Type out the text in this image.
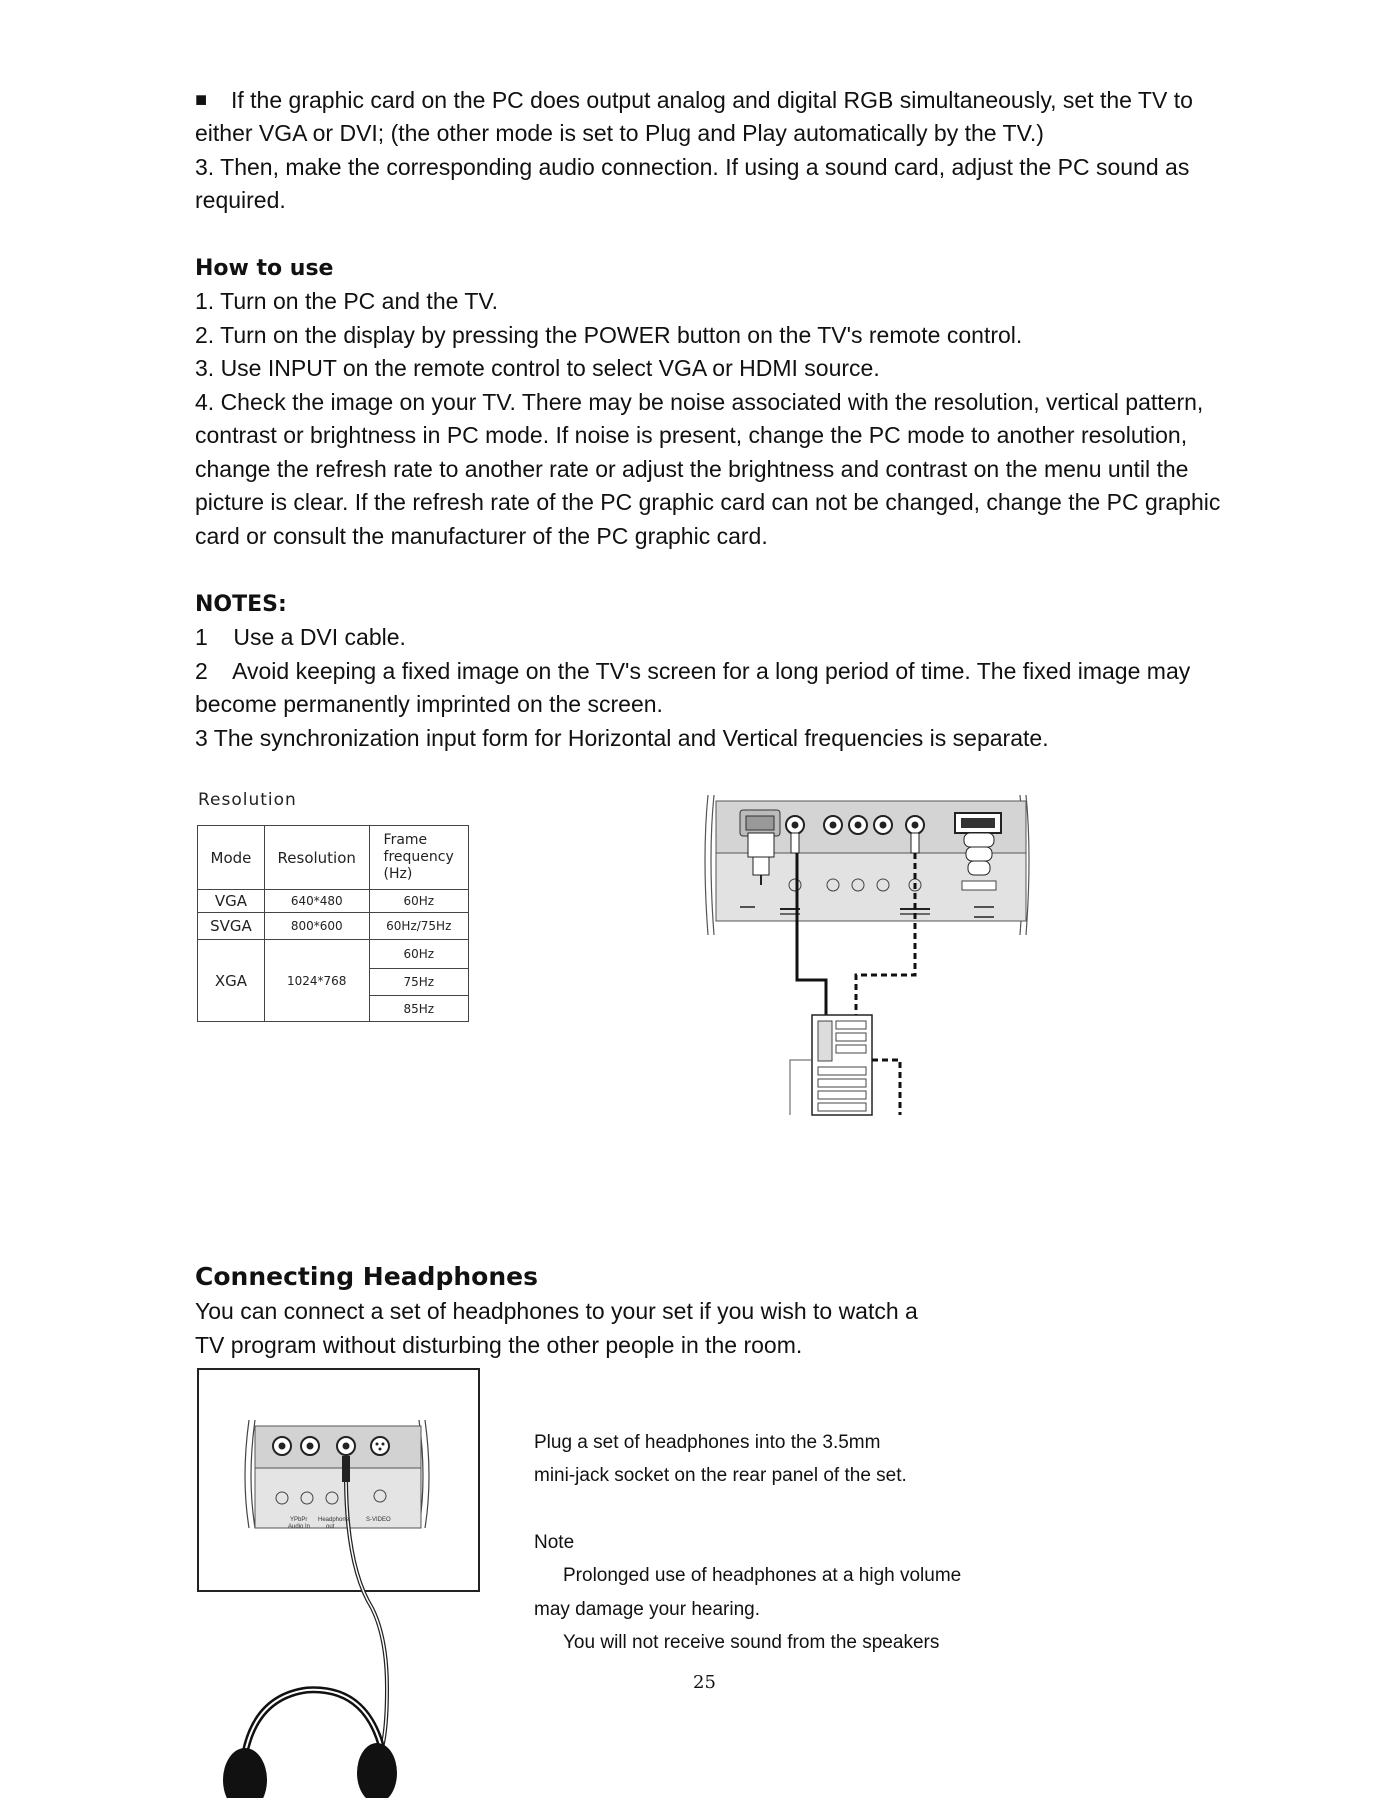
■ If the graphic card on the PC does output analog and digital RGB simultaneously, set the TV to
either VGA or DVI; (the other mode is set to Plug and Play automatically by the TV.)
3. Then, make the corresponding audio connection. If using a sound card, adjust the PC sound as
required.
How to use
1. Turn on the PC and the TV.
2. Turn on the display by pressing the POWER button on the TV's remote control.
3. Use INPUT on the remote control to select VGA or HDMI source.
4. Check the image on your TV. There may be noise associated with the resolution, vertical pattern,
contrast or brightness in PC mode. If noise is present, change the PC mode to another resolution,
change the refresh rate to another rate or adjust the brightness and contrast on the menu until the
picture is clear. If the refresh rate of the PC graphic card can not be changed, change the PC graphic
card or consult the manufacturer of the PC graphic card.
NOTES:
1    Use a DVI cable.
2    Avoid keeping a fixed image on the TV's screen for a long period of time. The fixed image may
become permanently imprinted on the screen.
3 The synchronization input form for Horizontal and Vertical frequencies is separate.
Resolution
Mode	Resolution	Frame
frequency
(Hz)

VGA	640*480	60Hz
SVGA	800*600	60Hz/75Hz
XGA	1024*768	60Hz
		75Hz
		85Hz
Connecting Headphones
You can connect a set of headphones to your set if you wish to watch a
TV program without disturbing the other people in the room.
YPbPr
Audio In
Headphone
out
S-VIDEO
Plug a set of headphones into the 3.5mm
mini-jack socket on the rear panel of the set.
Note
Prolonged use of headphones at a high volume
may damage your hearing.
You will not receive sound from the speakers
25
